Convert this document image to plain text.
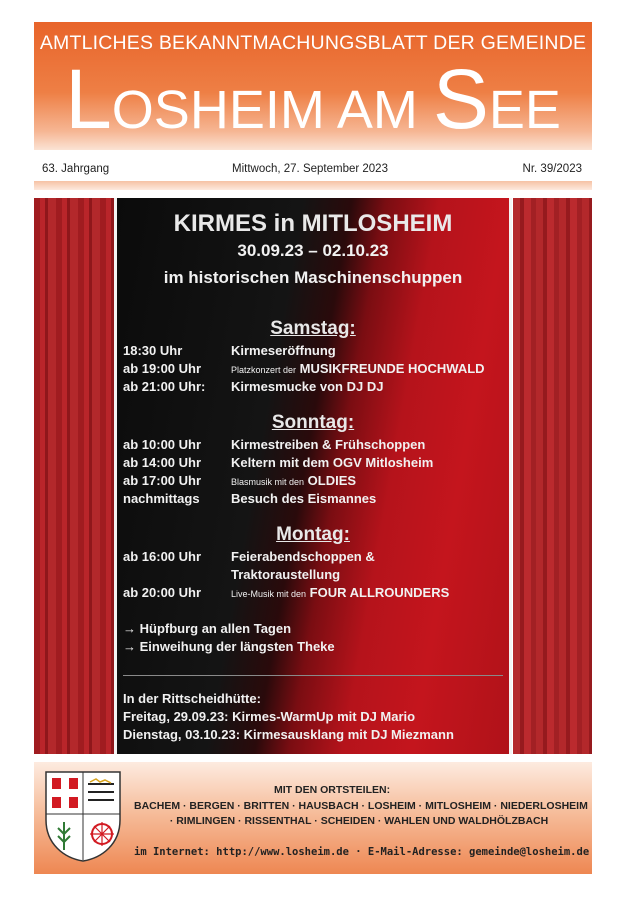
AMTLICHES BEKANNTMACHUNGSBLATT DER GEMEINDE
LOSHEIM AM SEE
63. Jahrgang	Mittwoch, 27. September 2023	Nr. 39/2023
KIRMES in MITLOSHEIM
30.09.23 – 02.10.23
im historischen Maschinenschuppen
Samstag:
18:30 Uhr	Kirmeseröffnung
ab 19:00 Uhr	Platzkonzert der MUSIKFREUNDE HOCHWALD
ab 21:00 Uhr: Kirmesmucke von DJ DJ
Sonntag:
ab 10:00 Uhr Kirmestreiben & Frühschoppen
ab 14:00 Uhr Keltern mit dem OGV Mitlosheim
ab 17:00 Uhr	Blasmusik mit den OLDIES
nachmittags Besuch des Eismannes
Montag:
ab 16:00 Uhr Feierabendschoppen &
Traktoraustellung
ab 20:00 Uhr	Live-Musik mit den FOUR ALLROUNDERS
→ Hüpfburg an allen Tagen
→ Einweihung der längsten Theke
In der Rittscheidhütte:
Freitag, 29.09.23: Kirmes-WarmUp mit DJ Mario
Dienstag, 03.10.23: Kirmesausklang mit DJ Miezmann
MIT DEN ORTSTEILEN:
BACHEM · BERGEN · BRITTEN · HAUSBACH · LOSHEIM · MITLOSHEIM · NIEDERLOSHEIM
· RIMLINGEN · RISSENTHAL · SCHEIDEN · WAHLEN UND WALDHÖLZBACH
im Internet: http://www.losheim.de · E-Mail-Adresse: gemeinde@losheim.de
